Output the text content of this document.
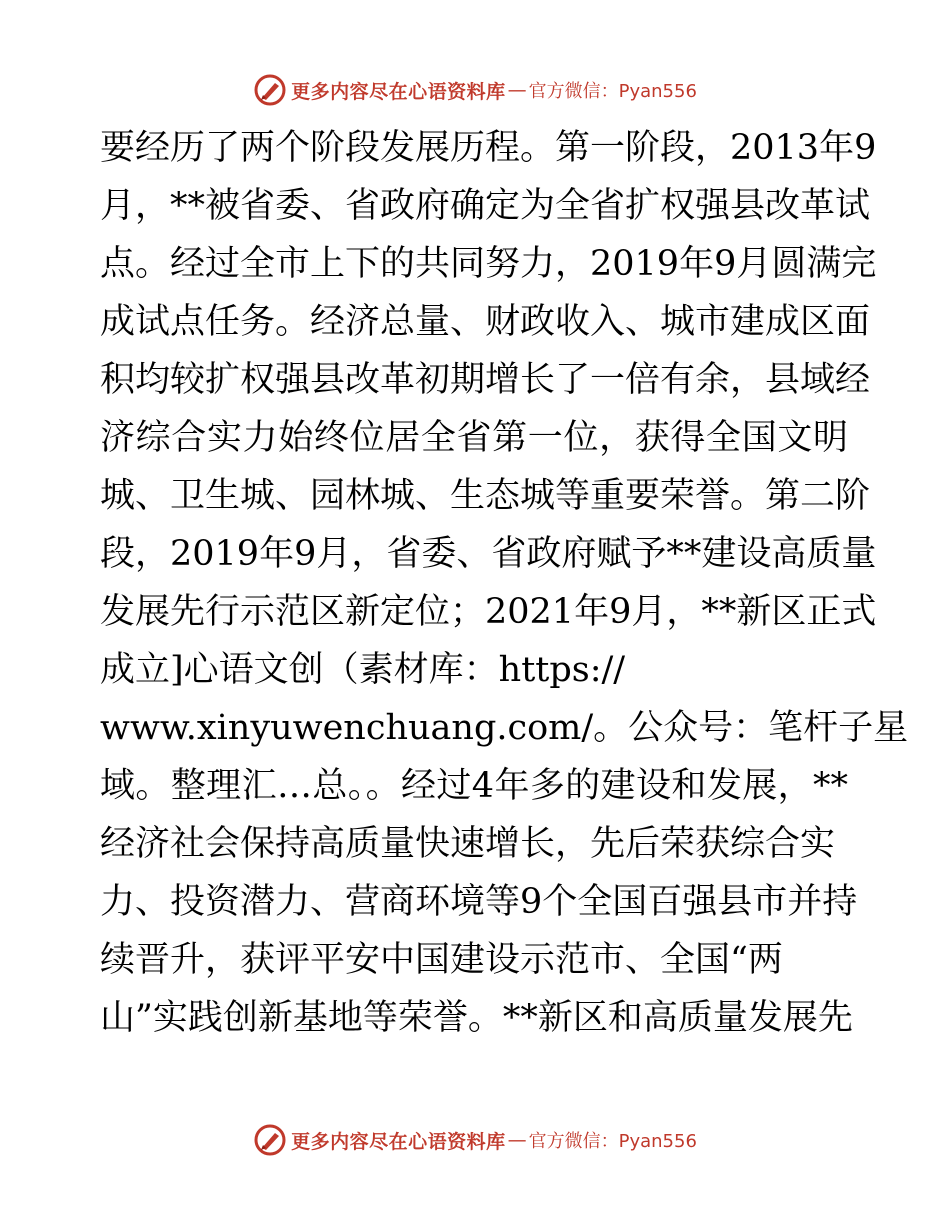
更多内容尽在心语资料库 — 官方微信：Pyan556
要经历了两个阶段发展历程。第一阶段，2013年9
月，**被省委、省政府确定为全省扩权强县改革试
点。经过全市上下的共同努力，2019年9月圆满完
成试点任务。经济总量、财政收入、城市建成区面
积均较扩权强县改革初期增长了一倍有余，县域经
济综合实力始终位居全省第一位，获得全国文明
城、卫生城、园林城、生态城等重要荣誉。第二阶
段，2019年9月，省委、省政府赋予**建设高质量
发展先行示范区新定位；2021年9月，**新区正式
成立]心语文创（素材库：https://
www.xinyuwenchuang.com/。公众号：笔杆子星
域。整理汇…总。。经过4年多的建设和发展，**
经济社会保持高质量快速增长，先后荣获综合实
力、投资潜力、营商环境等9个全国百强县市并持
续晋升，获评平安中国建设示范市、全国“两
山”实践创新基地等荣誉。**新区和高质量发展先
更多内容尽在心语资料库 — 官方微信：Pyan556
